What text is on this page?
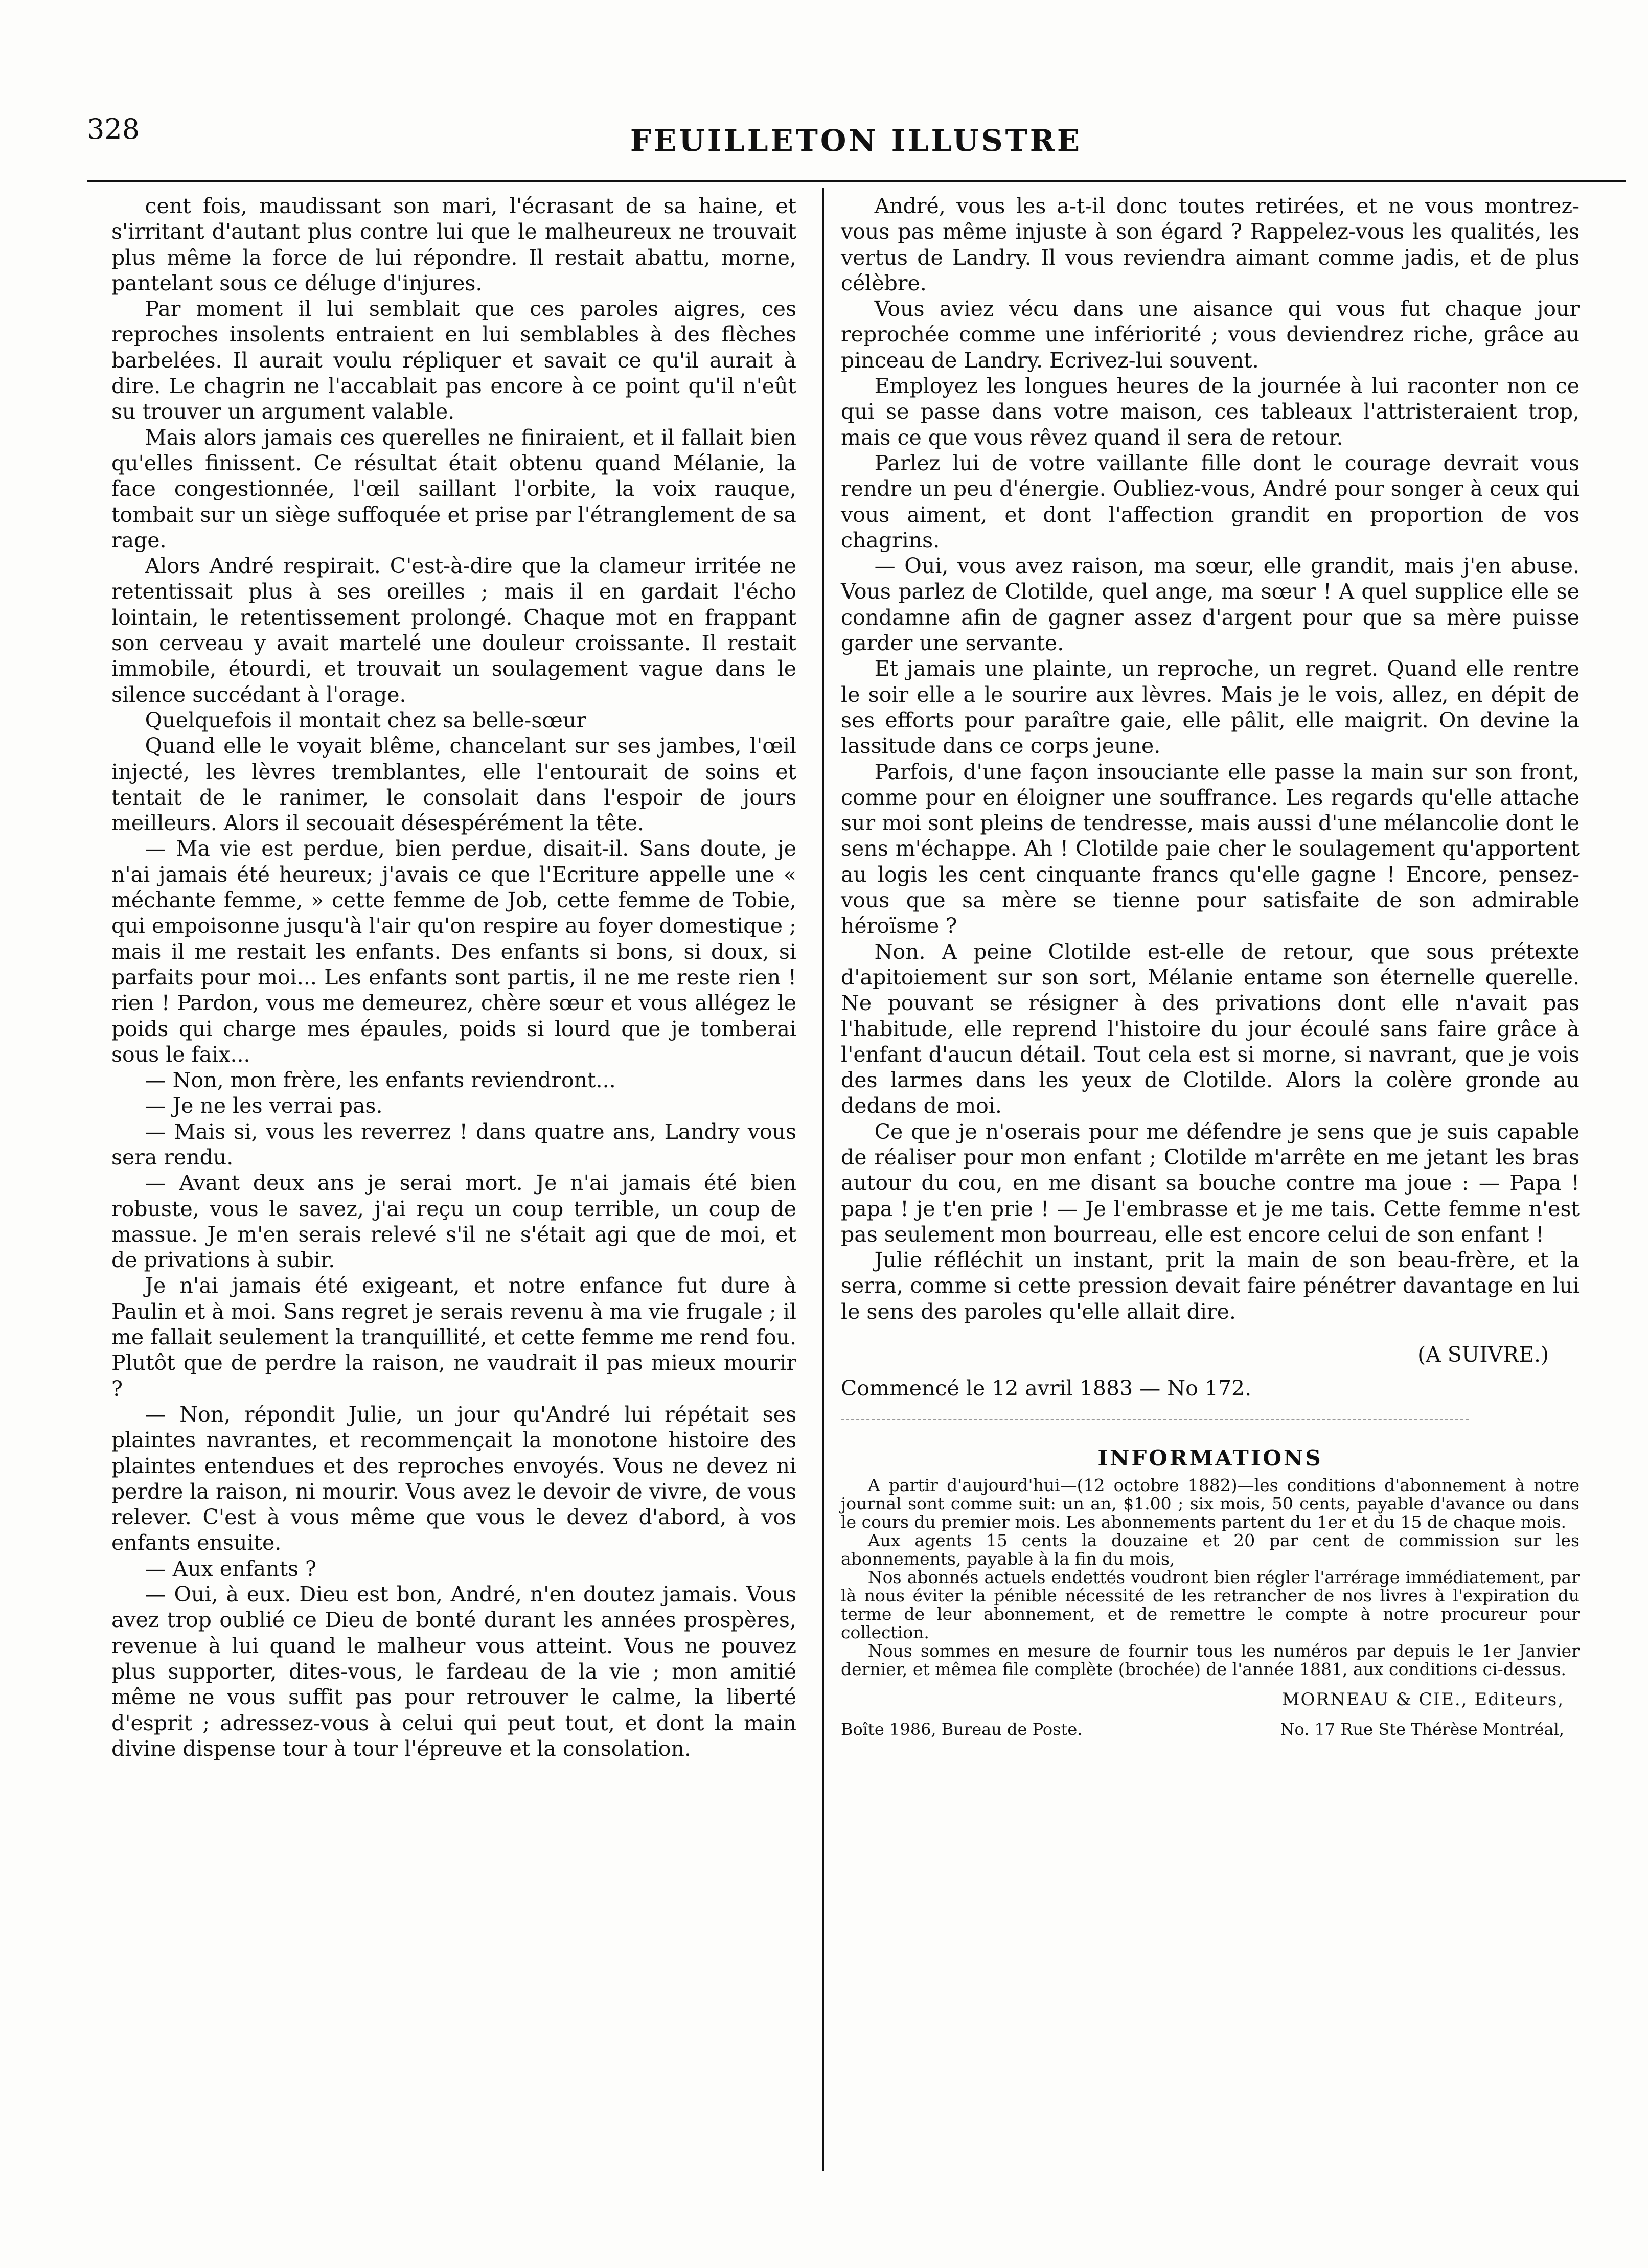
328	FEUILLETON ILLUSTRE

cent fois, maudissant son mari, l'écrasant de sa haine, et s'irritant d'autant plus contre lui que le malheureux ne trouvait plus même la force de lui répondre. Il restait abattu, morne, pantelant sous ce déluge d'injures.

Par moment il lui semblait que ces paroles aigres, ces reproches insolents entraient en lui semblables à des flèches barbelées. Il aurait voulu répliquer et savait ce qu'il aurait à dire. Le chagrin ne l'accablait pas encore à ce point qu'il n'eût su trouver un argument valable.

Mais alors jamais ces querelles ne finiraient, et il fallait bien qu'elles finissent. Ce résultat était obtenu quand Mélanie, la face congestionnée, l'œil saillant l'orbite, la voix rauque, tombait sur un siège suffoquée et prise par l'étranglement de sa rage.

Alors André respirait. C'est-à-dire que la clameur irritée ne retentissait plus à ses oreilles ; mais il en gardait l'écho lointain, le retentissement prolongé. Chaque mot en frappant son cerveau y avait martelé une douleur croissante. Il restait immobile, étourdi, et trouvait un soulagement vague dans le silence succédant à l'orage.

Quelquefois il montait chez sa belle-sœur

Quand elle le voyait blême, chancelant sur ses jambes, l'œil injecté, les lèvres tremblantes, elle l'entourait de soins et tentait de le ranimer, le consolait dans l'espoir de jours meilleurs. Alors il secouait désespérément la tête.

— Ma vie est perdue, bien perdue, disait-il. Sans doute, je n'ai jamais été heureux; j'avais ce que l'Ecriture appelle une « méchante femme, » cette femme de Job, cette femme de Tobie, qui empoisonne jusqu'à l'air qu'on respire au foyer domestique ; mais il me restait les enfants. Des enfants si bons, si doux, si parfaits pour moi... Les enfants sont partis, il ne me reste rien ! rien ! Pardon, vous me demeurez, chère sœur et vous allégez le poids qui charge mes épaules, poids si lourd que je tomberai sous le faix...

— Non, mon frère, les enfants reviendront...

— Je ne les verrai pas.

— Mais si, vous les reverrez ! dans quatre ans, Landry vous sera rendu.

— Avant deux ans je serai mort. Je n'ai jamais été bien robuste, vous le savez, j'ai reçu un coup terrible, un coup de massue. Je m'en serais relevé s'il ne s'était agi que de moi, et de privations à subir.

Je n'ai jamais été exigeant, et notre enfance fut dure à Paulin et à moi. Sans regret je serais revenu à ma vie frugale ; il me fallait seulement la tranquillité, et cette femme me rend fou. Plutôt que de perdre la raison, ne vaudrait il pas mieux mourir ?

— Non, répondit Julie, un jour qu'André lui répétait ses plaintes navrantes, et recommençait la monotone histoire des plaintes entendues et des reproches envoyés. Vous ne devez ni perdre la raison, ni mourir. Vous avez le devoir de vivre, de vous relever. C'est à vous même que vous le devez d'abord, à vos enfants ensuite.

— Aux enfants ?

— Oui, à eux. Dieu est bon, André, n'en doutez jamais. Vous avez trop oublié ce Dieu de bonté durant les années prospères, revenue à lui quand le malheur vous atteint. Vous ne pouvez plus supporter, dites-vous, le fardeau de la vie ; mon amitié même ne vous suffit pas pour retrouver le calme, la liberté d'esprit ; adressez-vous à celui qui peut tout, et dont la main divine dispense tour à tour l'épreuve et la consolation.

André, vous les a-t-il donc toutes retirées, et ne vous montrez-vous pas même injuste à son égard ? Rappelez-vous les qualités, les vertus de Landry. Il vous reviendra aimant comme jadis, et de plus célèbre.

Vous aviez vécu dans une aisance qui vous fut chaque jour reprochée comme une infériorité ; vous deviendrez riche, grâce au pinceau de Landry. Ecrivez-lui souvent.

Employez les longues heures de la journée à lui raconter non ce qui se passe dans votre maison, ces tableaux l'attristeraient trop, mais ce que vous rêvez quand il sera de retour.

Parlez lui de votre vaillante fille dont le courage devrait vous rendre un peu d'énergie. Oubliez-vous, André pour songer à ceux qui vous aiment, et dont l'affection grandit en proportion de vos chagrins.

— Oui, vous avez raison, ma sœur, elle grandit, mais j'en abuse. Vous parlez de Clotilde, quel ange, ma sœur ! A quel supplice elle se condamne afin de gagner assez d'argent pour que sa mère puisse garder une servante.

Et jamais une plainte, un reproche, un regret. Quand elle rentre le soir elle a le sourire aux lèvres. Mais je le vois, allez, en dépit de ses efforts pour paraître gaie, elle pâlit, elle maigrit. On devine la lassitude dans ce corps jeune.

Parfois, d'une façon insouciante elle passe la main sur son front, comme pour en éloigner une souffrance. Les regards qu'elle attache sur moi sont pleins de tendresse, mais aussi d'une mélancolie dont le sens m'échappe. Ah ! Clotilde paie cher le soulagement qu'apportent au logis les cent cinquante francs qu'elle gagne ! Encore, pensez-vous que sa mère se tienne pour satisfaite de son admirable héroïsme ?

Non. A peine Clotilde est-elle de retour, que sous prétexte d'apitoiement sur son sort, Mélanie entame son éternelle querelle. Ne pouvant se résigner à des privations dont elle n'avait pas l'habitude, elle reprend l'histoire du jour écoulé sans faire grâce à l'enfant d'aucun détail. Tout cela est si morne, si navrant, que je vois des larmes dans les yeux de Clotilde. Alors la colère gronde au dedans de moi.

Ce que je n'oserais pour me défendre je sens que je suis capable de réaliser pour mon enfant ; Clotilde m'arrête en me jetant les bras autour du cou, en me disant sa bouche contre ma joue : — Papa ! papa ! je t'en prie ! — Je l'embrasse et je me tais. Cette femme n'est pas seulement mon bourreau, elle est encore celui de son enfant !

Julie réfléchit un instant, prit la main de son beau-frère, et la serra, comme si cette pression devait faire pénétrer davantage en lui le sens des paroles qu'elle allait dire.

(A SUIVRE.)
Commencé le 12 avril 1883 — No 172.
INFORMATIONS

A partir d'aujourd'hui—(12 octobre 1882)—les conditions d'abonnement à notre journal sont comme suit: un an, $1.00 ; six mois, 50 cents, payable d'avance ou dans le cours du premier mois. Les abonnements partent du 1er et du 15 de chaque mois.

Aux agents 15 cents la douzaine et 20 par cent de commission sur les abonnements, payable à la fin du mois,

Nos abonnés actuels endettés voudront bien régler l'arrérage immédiatement, par là nous éviter la pénible nécessité de les retrancher de nos livres à l'expiration du terme de leur abonnement, et de remettre le compte à notre procureur pour collection.

Nous sommes en mesure de fournir tous les numéros par depuis le 1er Janvier dernier, et mêmea file complète (brochée) de l'année 1881, aux conditions ci-dessus.

MORNEAU & CIE., Editeurs,
Boîte 1986, Bureau de Poste.	No. 17 Rue Ste Thérèse Montréal,
